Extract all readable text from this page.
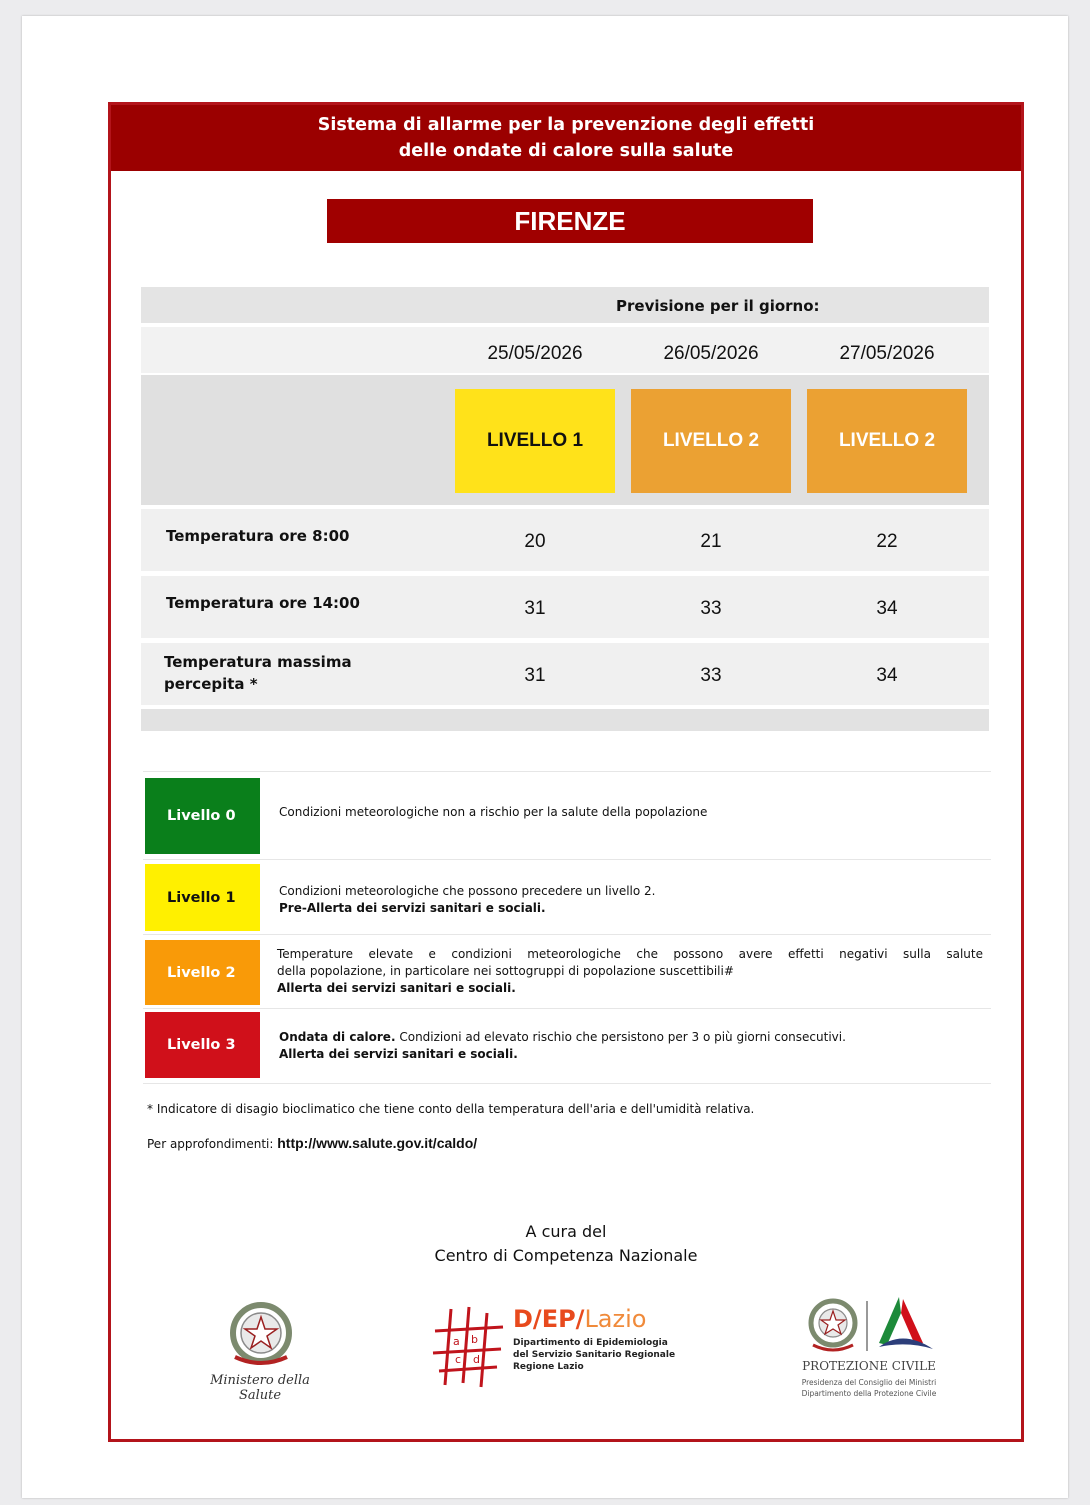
Sistema di allarme per la prevenzione degli effetti
delle ondate di calore sulla salute
FIRENZE
Previsione per il giorno:
25/05/2026	26/05/2026	27/05/2026
LIVELLO 1	LIVELLO 2	LIVELLO 2
Temperatura ore 8:00	20	21	22
Temperatura ore 14:00	31	33	34
Temperatura massima
percepita *	31	33	34
Livello 0	Condizioni meteorologiche non a rischio per la salute della popolazione
Livello 1	Condizioni meteorologiche che possono precedere un livello 2.
Pre-Allerta dei servizi sanitari e sociali.
Livello 2
Temperature elevate e condizioni meteorologiche che possono avere effetti negativi sulla salute
della popolazione, in particolare nei sottogruppi di popolazione suscettibili#
Allerta dei servizi sanitari e sociali.
Livello 3	Ondata di calore. Condizioni ad elevato rischio che persistono per 3 o più giorni consecutivi.
Allerta dei servizi sanitari e sociali.
* Indicatore di disagio bioclimatico che tiene conto della temperatura dell'aria e dell'umidità relativa.
Per approfondimenti: http://www.salute.gov.it/caldo/
A cura del
Centro di Competenza Nazionale
Ministero della Salute
a b
c d
D/EP/Lazio
Dipartimento di Epidemiologia
del Servizio Sanitario Regionale
Regione Lazio	PROTEZIONE CIVILE
Presidenza del Consiglio dei Ministri
Dipartimento della Protezione Civile
